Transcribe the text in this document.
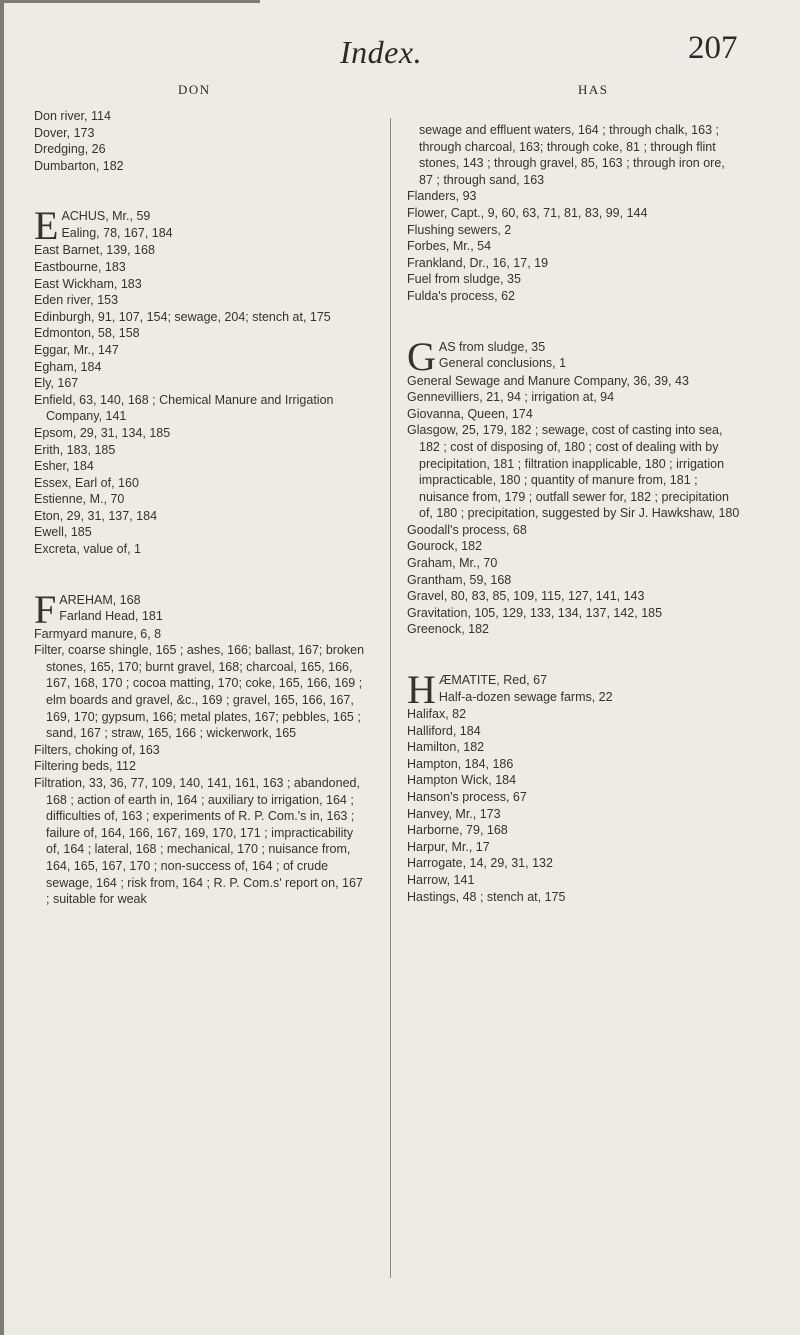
Index.	207
DON	HAS

Don river, 114

Dover, 173

Dredging, 26

Dumbarton, 182

E ACHUS, Mr., 59

Ealing, 78, 167, 184

East Barnet, 139, 168

Eastbourne, 183

East Wickham, 183

Eden river, 153

Edinburgh, 91, 107, 154; sewage, 204; stench at, 175

Edmonton, 58, 158

Eggar, Mr., 147

Egham, 184

Ely, 167

Enfield, 63, 140, 168 ; Chemical Manure and Irrigation Company, 141

Epsom, 29, 31, 134, 185

Erith, 183, 185

Esher, 184

Essex, Earl of, 160

Estienne, M., 70

Eton, 29, 31, 137, 184

Ewell, 185

Excreta, value of, 1

F AREHAM, 168

Farland Head, 181

Farmyard manure, 6, 8

Filter, coarse shingle, 165 ; ashes, 166; ballast, 167; broken stones, 165, 170; burnt gravel, 168; charcoal, 165, 166, 167, 168, 170 ; cocoa matting, 170; coke, 165, 166, 169 ; elm boards and gravel, &c., 169 ; gravel, 165, 166, 167, 169, 170; gypsum, 166; metal plates, 167; pebbles, 165 ; sand, 167 ; straw, 165, 166 ; wickerwork, 165

Filters, choking of, 163

Filtering beds, 112

Filtration, 33, 36, 77, 109, 140, 141, 161, 163 ; abandoned, 168 ; action of earth in, 164 ; auxiliary to irrigation, 164 ; difficulties of, 163 ; experiments of R. P. Com.'s in, 163 ; failure of, 164, 166, 167, 169, 170, 171 ; impracticability of, 164 ; lateral, 168 ; mechanical, 170 ; nuisance from, 164, 165, 167, 170 ; non-success of, 164 ; of crude sewage, 164 ; risk from, 164 ; R. P. Com.s' report on, 167 ; suitable for weak

sewage and effluent waters, 164 ; through chalk, 163 ; through charcoal, 163; through coke, 81 ; through flint stones, 143 ; through gravel, 85, 163 ; through iron ore, 87 ; through sand, 163

Flanders, 93

Flower, Capt., 9, 60, 63, 71, 81, 83, 99, 144

Flushing sewers, 2

Forbes, Mr., 54

Frankland, Dr., 16, 17, 19

Fuel from sludge, 35

Fulda's process, 62

G AS from sludge, 35

General conclusions, 1

General Sewage and Manure Company, 36, 39, 43

Gennevilliers, 21, 94 ; irrigation at, 94

Giovanna, Queen, 174

Glasgow, 25, 179, 182 ; sewage, cost of casting into sea, 182 ; cost of disposing of, 180 ; cost of dealing with by precipitation, 181 ; filtration inapplicable, 180 ; irrigation impracticable, 180 ; quantity of manure from, 181 ; nuisance from, 179 ; outfall sewer for, 182 ; precipitation of, 180 ; precipitation, suggested by Sir J. Hawkshaw, 180

Goodall's process, 68

Gourock, 182

Graham, Mr., 70

Grantham, 59, 168

Gravel, 80, 83, 85, 109, 115, 127, 141, 143

Gravitation, 105, 129, 133, 134, 137, 142, 185

Greenock, 182

H ÆMATITE, Red, 67

Half-a-dozen sewage farms, 22

Halifax, 82

Halliford, 184

Hamilton, 182

Hampton, 184, 186

Hampton Wick, 184

Hanson's process, 67

Hanvey, Mr., 173

Harborne, 79, 168

Harpur, Mr., 17

Harrogate, 14, 29, 31, 132

Harrow, 141

Hastings, 48 ; stench at, 175
